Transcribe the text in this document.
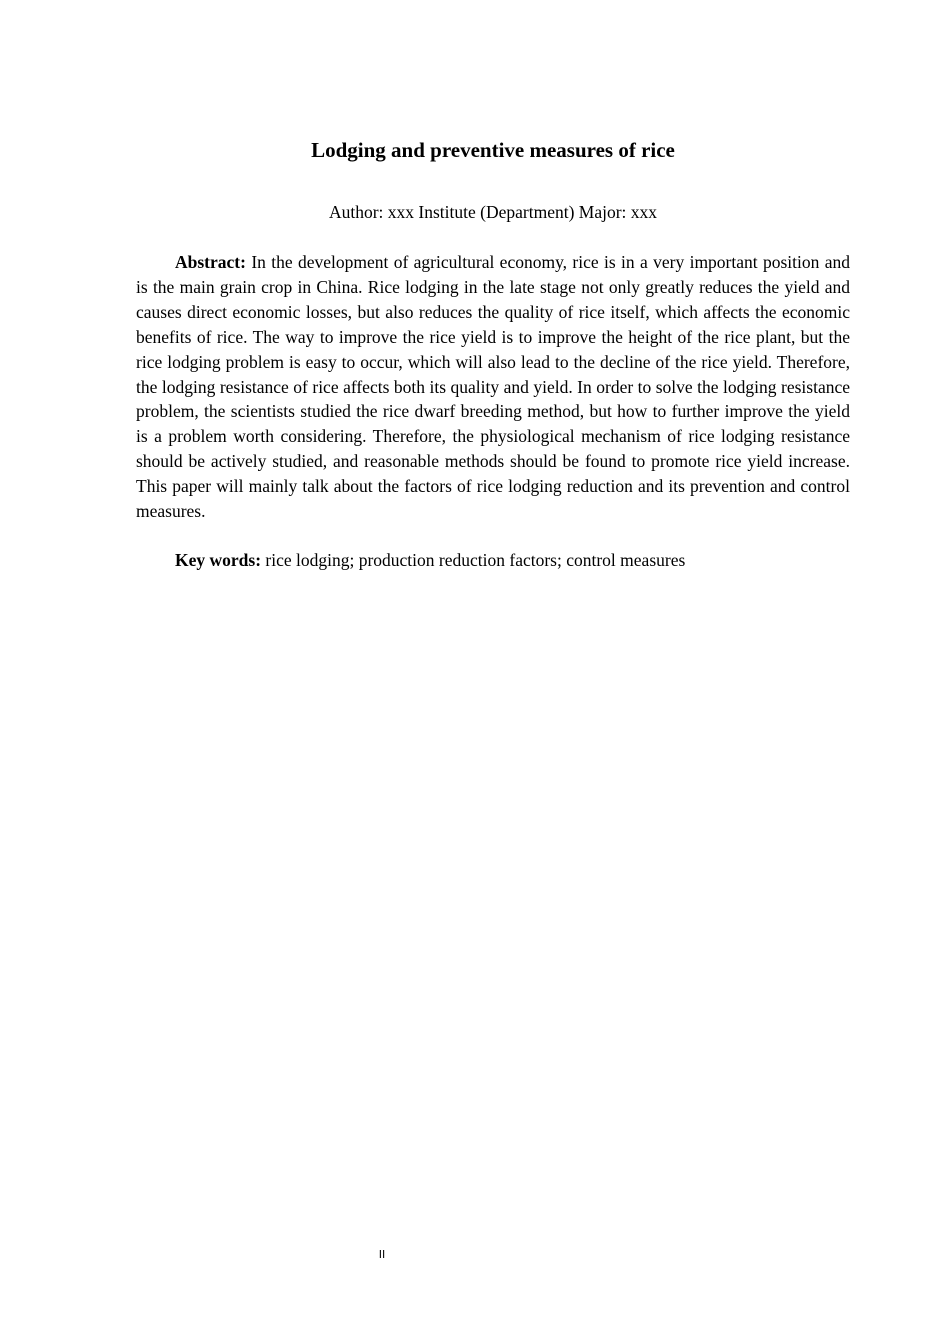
Lodging and preventive measures of rice

Author: xxx Institute (Department) Major: xxx

Abstract: In the development of agricultural economy, rice is in a very important position and is the main grain crop in China. Rice lodging in the late stage not only greatly reduces the yield and causes direct economic losses, but also reduces the quality of rice itself, which affects the economic benefits of rice. The way to improve the rice yield is to improve the height of the rice plant, but the rice lodging problem is easy to occur, which will also lead to the decline of the rice yield. Therefore, the lodging resistance of rice affects both its quality and yield. In order to solve the lodging resistance problem, the scientists studied the rice dwarf breeding method, but how to further improve the yield is a problem worth considering. Therefore, the physiological mechanism of rice lodging resistance should be actively studied, and reasonable methods should be found to promote rice yield increase. This paper will mainly talk about the factors of rice lodging reduction and its prevention and control measures.

Key words: rice lodging; production reduction factors; control measures

II
